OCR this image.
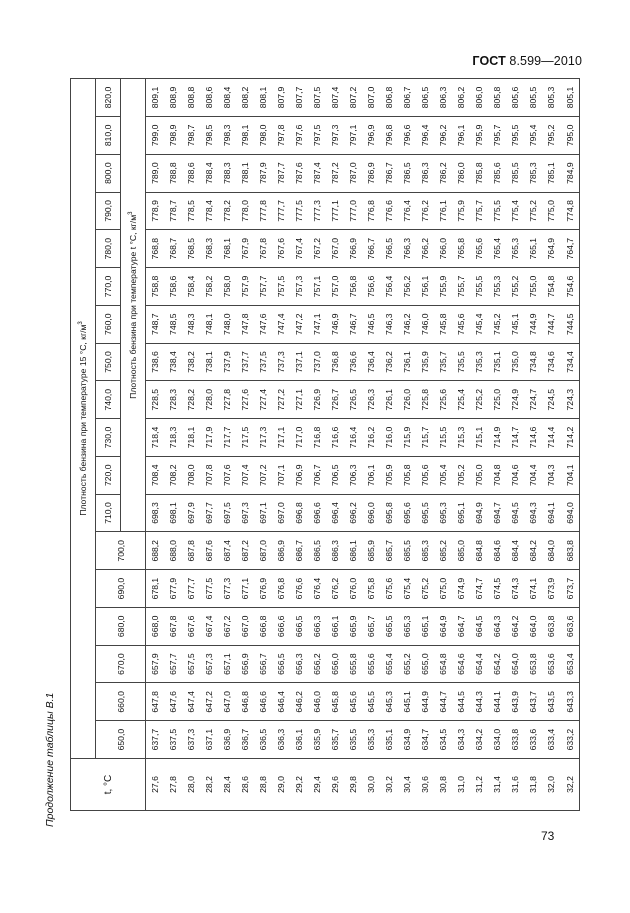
ГОСТ 8.599—2010
Продолжение таблицы В.1	t, °C	Плотность бензина при температуре 15 °С, $кг/м^3$
	650,0	660,0	670,0	680,0	690,0	700,0	710,0	720,0	730,0	740,0	750,0	760,0	770,0	780,0	790,0	800,0	810,0	820,0
							Плотность бензина при температуре t °С, $кг/м^3$
27,6	637,7	647,8	657,9	668,0	678,1	688,2	698,3	708,4	718,4	728,5	738,6	748,7	758,8	768,8	778,9	789,0	799,0	809,1
27,8	637,5	647,6	657,7	667,8	677,9	688,0	698,1	708,2	718,3	728,3	738,4	748,5	758,6	768,7	778,7	788,8	798,9	808,9
28,0	637,3	647,4	657,5	667,6	677,7	687,8	697,9	708,0	718,1	728,2	738,2	748,3	758,4	768,5	778,5	788,6	798,7	808,8
28,2	637,1	647,2	657,3	667,4	677,5	687,6	697,7	707,8	717,9	728,0	738,1	748,1	758,2	768,3	778,4	788,4	798,5	808,6
28,4	636,9	647,0	657,1	667,2	677,3	687,4	697,5	707,6	717,7	727,8	737,9	748,0	758,0	768,1	778,2	788,3	798,3	808,4
28,6	636,7	646,8	656,9	667,0	677,1	687,2	697,3	707,4	717,5	727,6	737,7	747,8	757,9	767,9	778,0	788,1	798,1	808,2
28,8	636,5	646,6	656,7	666,8	676,9	687,0	697,1	707,2	717,3	727,4	737,5	747,6	757,7	767,8	777,8	787,9	798,0	808,1
29,0	636,3	646,4	656,5	666,6	676,8	686,9	697,0	707,1	717,1	727,2	737,3	747,4	757,5	767,6	777,7	787,7	797,8	807,9
29,2	636,1	646,2	656,3	666,5	676,6	686,7	696,8	706,9	717,0	727,1	737,1	747,2	757,3	767,4	777,5	787,6	797,6	807,7
29,4	635,9	646,0	656,2	666,3	676,4	686,5	696,6	706,7	716,8	726,9	737,0	747,1	757,1	767,2	777,3	787,4	797,5	807,5
29,6	635,7	645,8	656,0	666,1	676,2	686,3	696,4	706,5	716,6	726,7	736,8	746,9	757,0	767,0	777,1	787,2	797,3	807,4
29,8	635,5	645,6	655,8	665,9	676,0	686,1	696,2	706,3	716,4	726,5	736,6	746,7	756,8	766,9	777,0	787,0	797,1	807,2
30,0	635,3	645,5	655,6	665,7	675,8	685,9	696,0	706,1	716,2	726,3	736,4	746,5	756,6	766,7	776,8	786,9	796,9	807,0
30,2	635,1	645,3	655,4	665,5	675,6	685,7	695,8	705,9	716,0	726,1	736,2	746,3	756,4	766,5	776,6	786,7	796,8	806,8
30,4	634,9	645,1	655,2	665,3	675,4	685,5	695,6	705,8	715,9	726,0	736,1	746,2	756,2	766,3	776,4	786,5	796,6	806,7
30,6	634,7	644,9	655,0	665,1	675,2	685,3	695,5	705,6	715,7	725,8	735,9	746,0	756,1	766,2	776,2	786,3	796,4	806,5
30,8	634,5	644,7	654,8	664,9	675,0	685,2	695,3	705,4	715,5	725,6	735,7	745,8	755,9	766,0	776,1	786,2	796,2	806,3
31,0	634,3	644,5	654,6	664,7	674,9	685,0	695,1	705,2	715,3	725,4	735,5	745,6	755,7	765,8	775,9	786,0	796,1	806,2
31,2	634,2	644,3	654,4	664,5	674,7	684,8	694,9	705,0	715,1	725,2	735,3	745,4	755,5	765,6	775,7	785,8	795,9	806,0
31,4	634,0	644,1	654,2	664,3	674,5	684,6	694,7	704,8	714,9	725,0	735,1	745,2	755,3	765,4	775,5	785,6	795,7	805,8
31,6	633,8	643,9	654,0	664,2	674,3	684,4	694,5	704,6	714,7	724,9	735,0	745,1	755,2	765,3	775,4	785,5	795,5	805,6
31,8	633,6	643,7	653,8	664,0	674,1	684,2	694,3	704,4	714,6	724,7	734,8	744,9	755,0	765,1	775,2	785,3	795,4	805,5
32,0	633,4	643,5	653,6	663,8	673,9	684,0	694,1	704,3	714,4	724,5	734,6	744,7	754,8	764,9	775,0	785,1	795,2	805,3
32,2	633,2	643,3	653,4	663,6	673,7	683,8	694,0	704,1	714,2	724,3	734,4	744,5	754,6	764,7	774,8	784,9	795,0	805,1
73
